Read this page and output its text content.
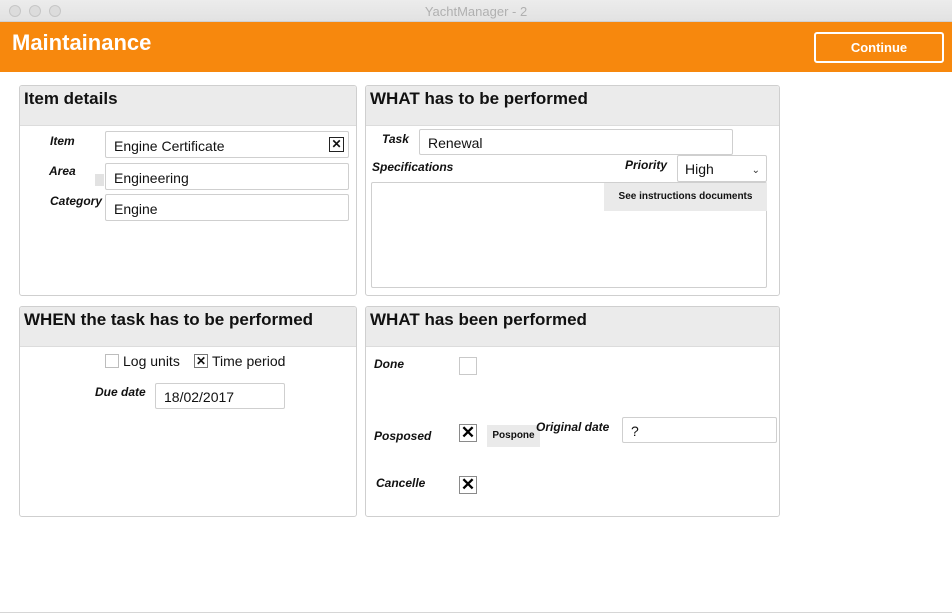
YachtManager - 2
Maintainance	Continue
Item details
Item	Engine Certificate	✕
Area	Engineering
Category Engine
WHAT has to be performed
Task	Renewal
Specifications	Priority	High	⌄
See instructions documents
WHEN the task has to be performed
Log units ✕ Time period
Due date	18/02/2017
WHAT has been performed
Done
Posposed ✕	Pospone
Original date	?
Cancelle ✕
